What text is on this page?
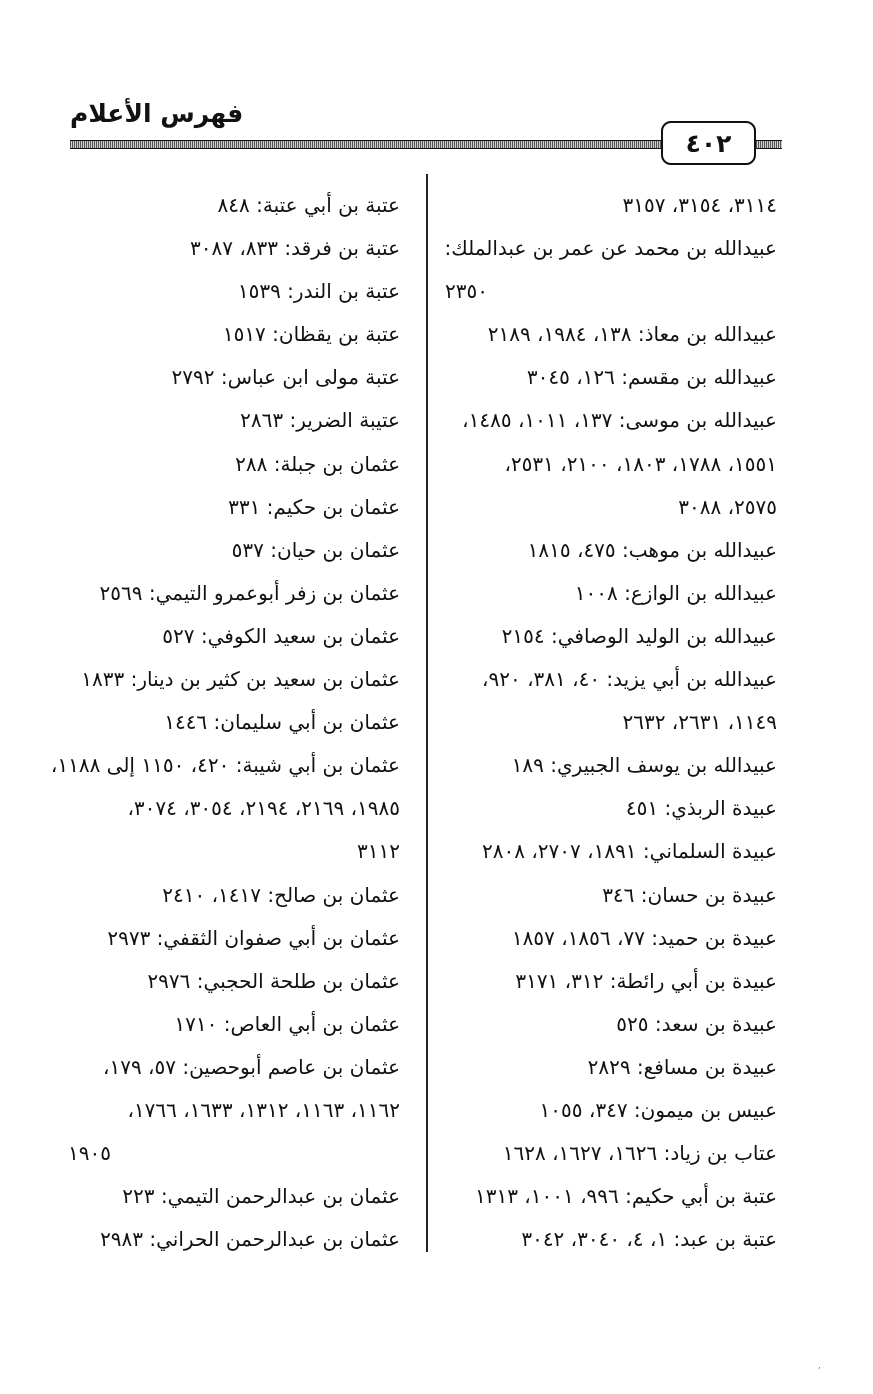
فهرس الأعلام
٤٠٢
٣١١٤، ٣١٥٤، ٣١٥٧
عبيدالله بن محمد عن عمر بن عبدالملك:
٢٣٥٠
عبيدالله بن معاذ: ١٣٨، ١٩٨٤، ٢١٨٩
عبيدالله بن مقسم: ١٢٦، ٣٠٤٥
عبيدالله بن موسى: ١٣٧، ١٠١١، ١٤٨٥،
١٥٥١، ١٧٨٨، ١٨٠٣، ٢١٠٠، ٢٥٣١،
٢٥٧٥، ٣٠٨٨
عبيدالله بن موهب: ٤٧٥، ١٨١٥
عبيدالله بن الوازع: ١٠٠٨
عبيدالله بن الوليد الوصافي: ٢١٥٤
عبيدالله بن أبي يزيد: ٤٠، ٣٨١، ٩٢٠،
١١٤٩، ٢٦٣١، ٢٦٣٢
عبيدالله بن يوسف الجبيري: ١٨٩
عبيدة الربذي: ٤٥١
عبيدة السلماني: ١٨٩١، ٢٧٠٧، ٢٨٠٨
عبيدة بن حسان: ٣٤٦
عبيدة بن حميد: ٧٧، ١٨٥٦، ١٨٥٧
عبيدة بن أبي رائطة: ٣١٢، ٣١٧١
عبيدة بن سعد: ٥٢٥
عبيدة بن مسافع: ٢٨٢٩
عبيس بن ميمون: ٣٤٧، ١٠٥٥
عتاب بن زياد: ١٦٢٦، ١٦٢٧، ١٦٢٨
عتبة بن أبي حكيم: ٩٩٦، ١٠٠١، ١٣١٣
عتبة بن عبد: ١، ٤، ٣٠٤٠، ٣٠٤٢
عتبة بن أبي عتبة: ٨٤٨
عتبة بن فرقد: ٨٣٣، ٣٠٨٧
عتبة بن الندر: ١٥٣٩
عتبة بن يقظان: ١٥١٧
عتبة مولى ابن عباس: ٢٧٩٢
عتيبة الضرير: ٢٨٦٣
عثمان بن جبلة: ٢٨٨
عثمان بن حكيم: ٣٣١
عثمان بن حيان: ٥٣٧
عثمان بن زفر أبوعمرو التيمي: ٢٥٦٩
عثمان بن سعيد الكوفي: ٥٢٧
عثمان بن سعيد بن كثير بن دينار: ١٨٣٣
عثمان بن أبي سليمان: ١٤٤٦
عثمان بن أبي شيبة: ٤٢٠، ١١٥٠ إلى ١١٨٨،
١٩٨٥، ٢١٦٩، ٢١٩٤، ٣٠٥٤، ٣٠٧٤،
٣١١٢
عثمان بن صالح: ١٤١٧، ٢٤١٠
عثمان بن أبي صفوان الثقفي: ٢٩٧٣
عثمان بن طلحة الحجبي: ٢٩٧٦
عثمان بن أبي العاص: ١٧١٠
عثمان بن عاصم أبوحصين: ٥٧، ١٧٩،
١١٦٢، ١١٦٣، ١٣١٢، ١٦٣٣، ١٧٦٦،
١٩٠٥
عثمان بن عبدالرحمن التيمي: ٢٢٣
عثمان بن عبدالرحمن الحراني: ٢٩٨٣
٬
